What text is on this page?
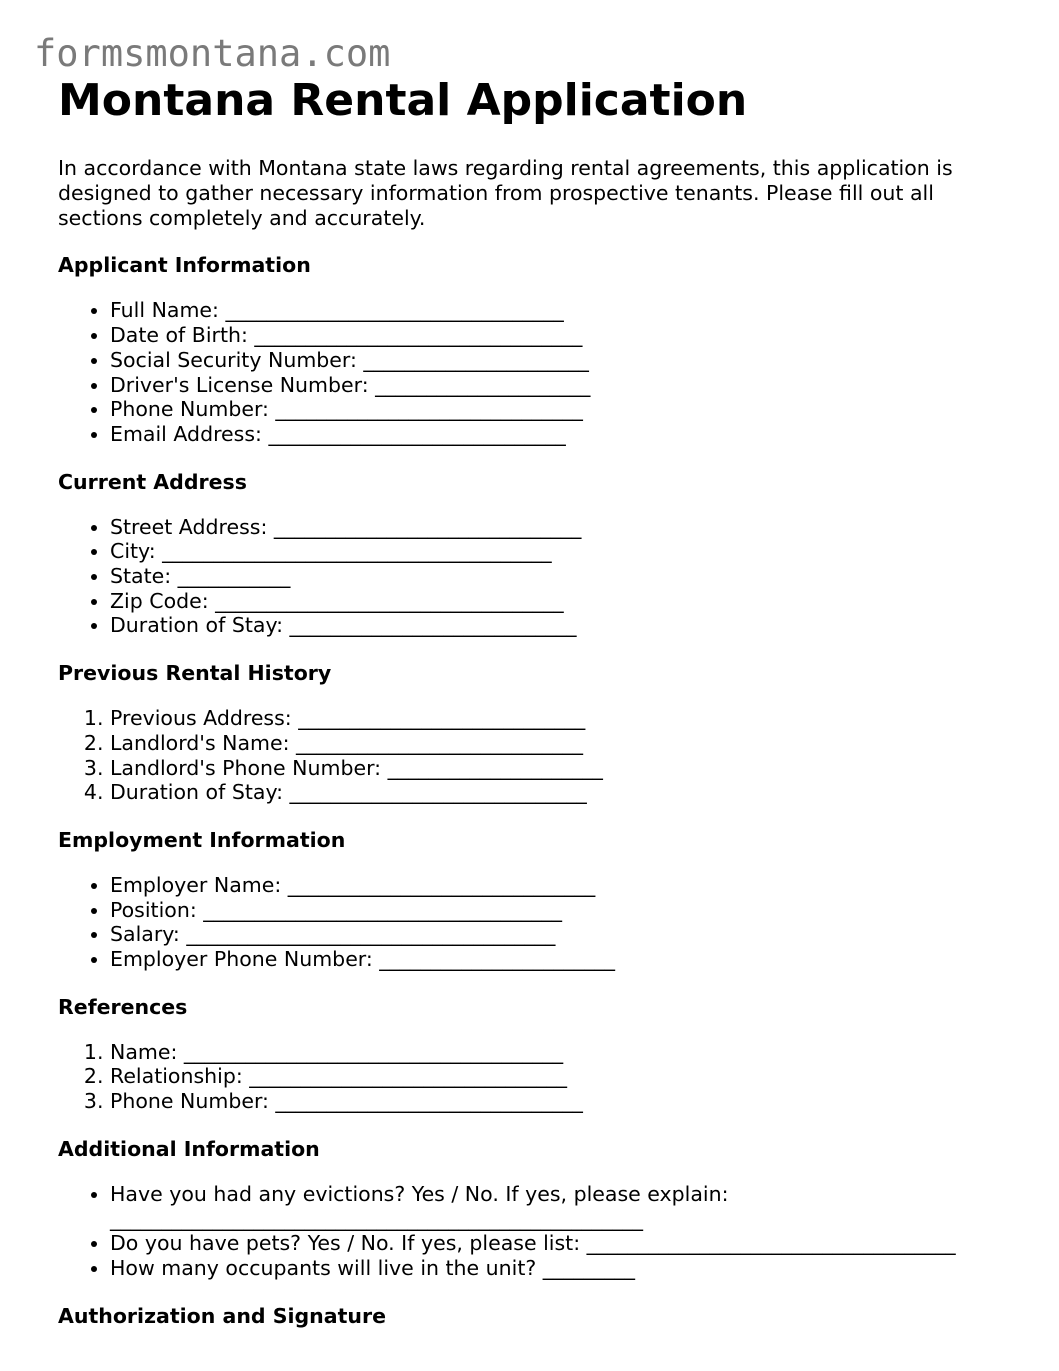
formsmontana.com
Montana Rental Application

In accordance with Montana state laws regarding rental agreements, this application is designed to gather necessary information from prospective tenants. Please fill out all sections completely and accurately.

Applicant Information
• Full Name: _________________________________
• Date of Birth: ________________________________
• Social Security Number: ______________________
• Driver's License Number: _____________________
• Phone Number: ______________________________
• Email Address: _____________________________
Current Address
• Street Address: ______________________________
• City: ______________________________________
• State: ___________
• Zip Code: __________________________________
• Duration of Stay: ____________________________
Previous Rental History
1. Previous Address: ____________________________
2. Landlord's Name: ____________________________
3. Landlord's Phone Number: _____________________
4. Duration of Stay: _____________________________
Employment Information
• Employer Name: ______________________________
• Position: ___________________________________
• Salary: ____________________________________
• Employer Phone Number: _______________________
References
1. Name: _____________________________________
2. Relationship: _______________________________
3. Phone Number: ______________________________
Additional Information
• Have you had any evictions? Yes / No. If yes, please explain:
____________________________________________________
• Do you have pets? Yes / No. If yes, please list: ____________________________________
• How many occupants will live in the unit? _________
Authorization and Signature
